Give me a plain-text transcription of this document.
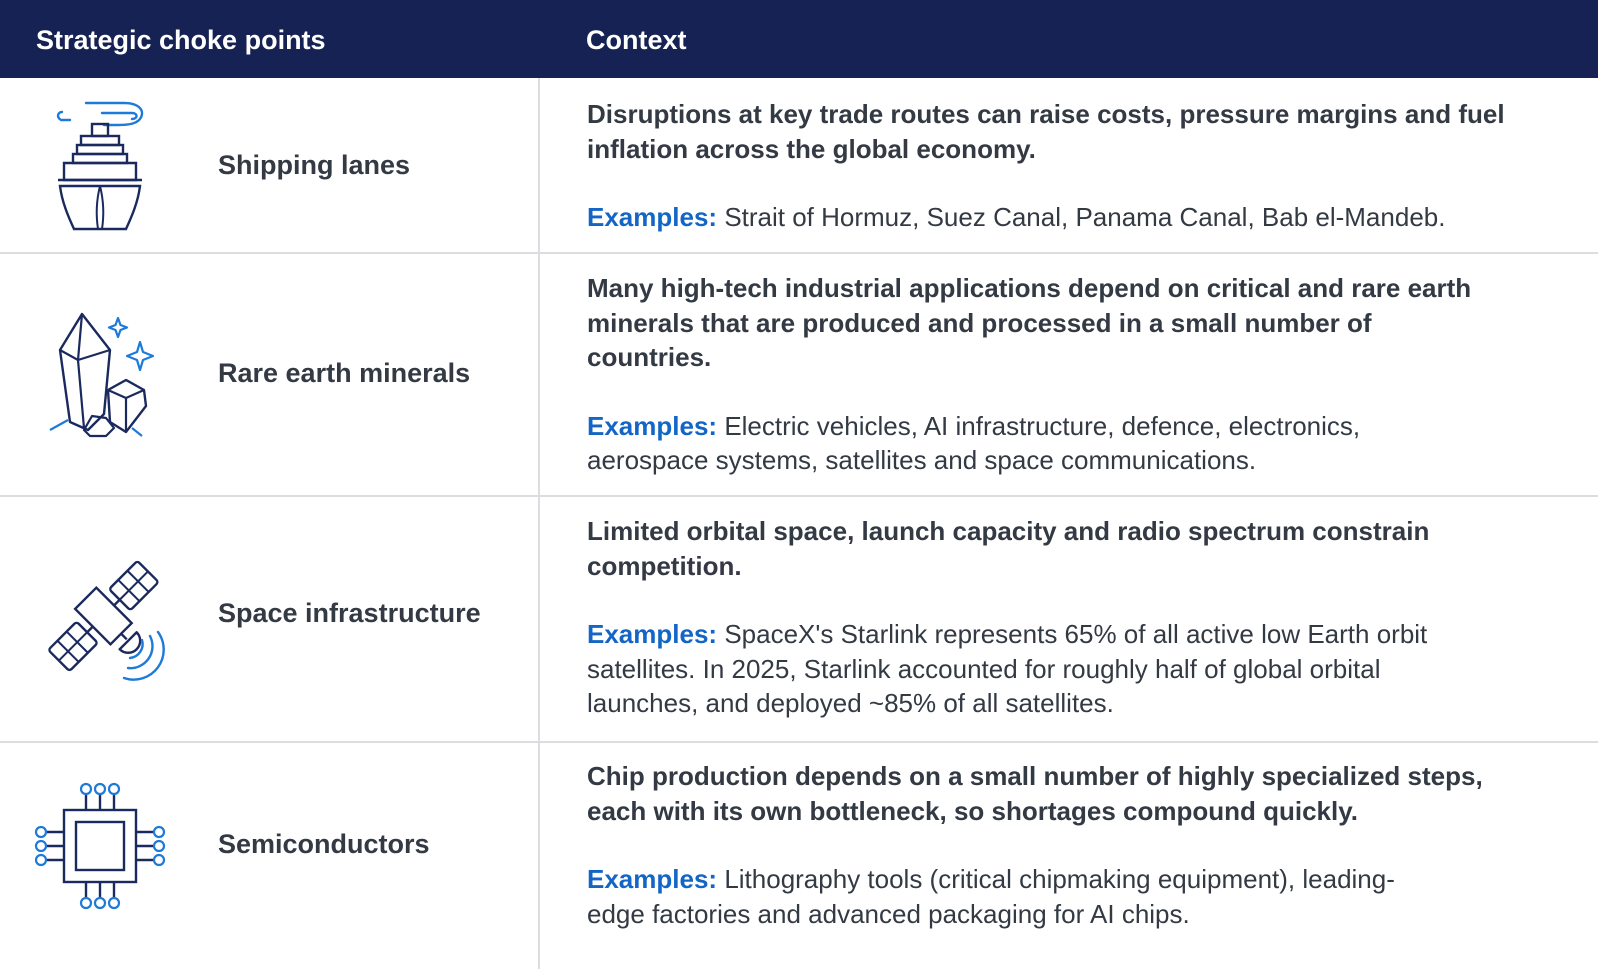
Strategic choke points	Context
Shipping lanes

Disruptions at key trade routes can raise costs, pressure margins and fuel inflation across the global economy.

Examples: Strait of Hormuz, Suez Canal, Panama Canal, Bab el-Mandeb.

Rare earth minerals

Many high-tech industrial applications depend on critical and rare earth minerals that are produced and processed in a small number of countries.

Examples: Electric vehicles, AI infrastructure, defence, electronics, aerospace systems, satellites and space communications.

Space infrastructure

Limited orbital space, launch capacity and radio spectrum constrain competition.

Examples: SpaceX's Starlink represents 65% of all active low Earth orbit satellites. In 2025, Starlink accounted for roughly half of global orbital launches, and deployed ~85% of all satellites.

Semiconductors

Chip production depends on a small number of highly specialized steps, each with its own bottleneck, so shortages compound quickly.

Examples: Lithography tools (critical chipmaking equipment), leading-edge factories and advanced packaging for AI chips.
